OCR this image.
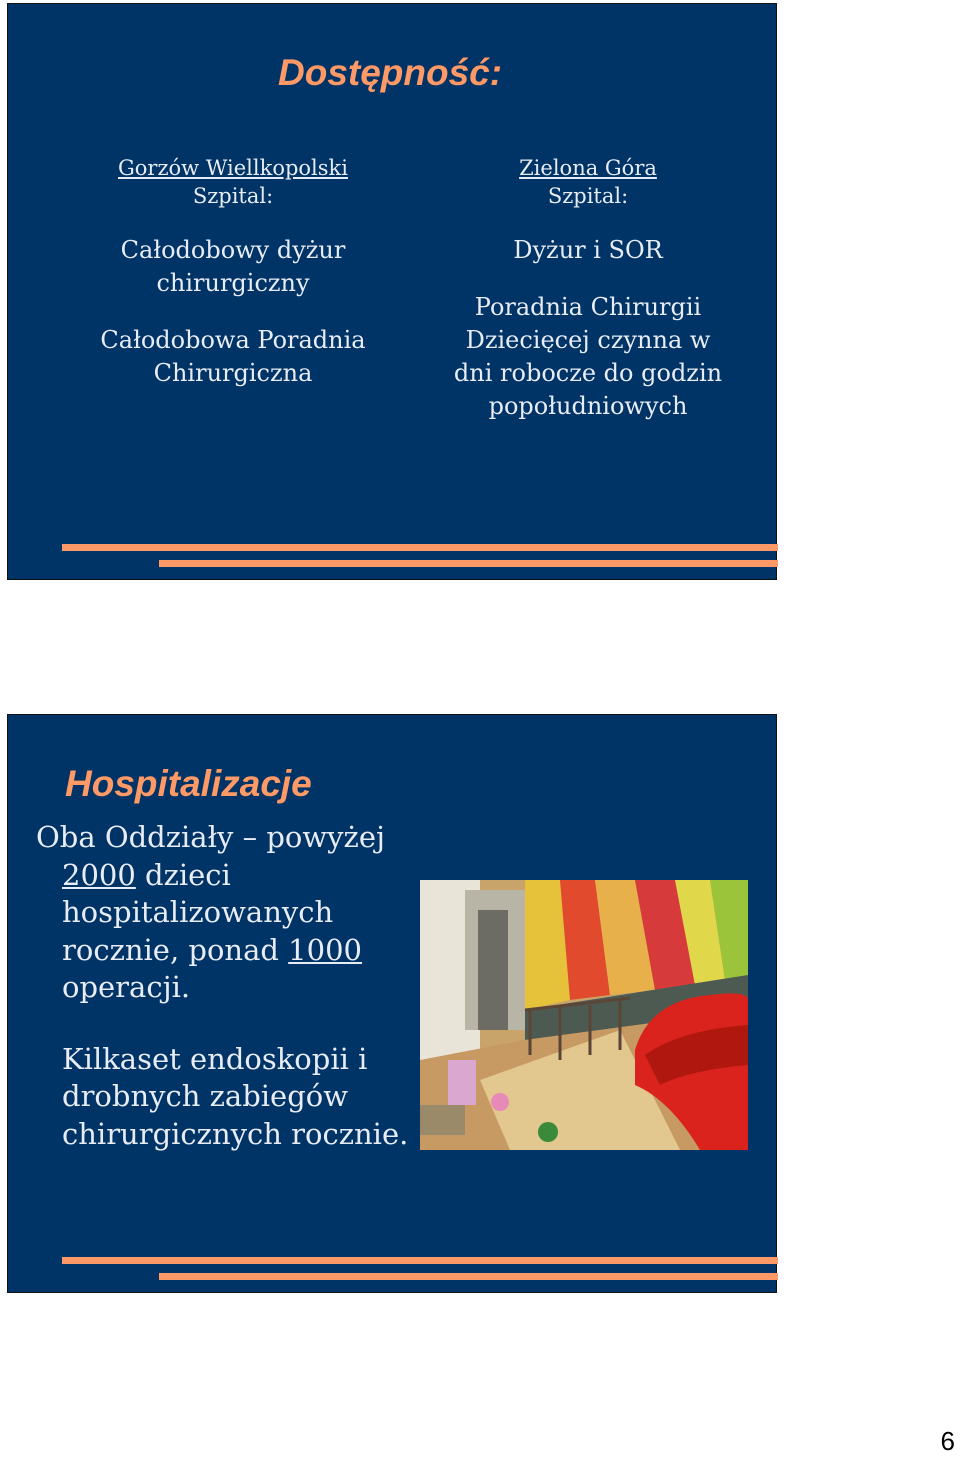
Dostępność:
Gorzów Wiellkopolski
Szpital:
Całodobowy dyżur chirurgiczny
Całodobowa Poradnia Chirurgiczna
Zielona Góra
Szpital:
Dyżur i SOR
Poradnia Chirurgii Dziecięcej czynna w dni robocze do godzin popołudniowych
Hospitalizacje
Oba Oddziały – powyżej 2000 dzieci hospitalizowanych rocznie, ponad 1000 operacji.
Kilkaset endoskopii i drobnych zabiegów chirurgicznych rocznie.
6
